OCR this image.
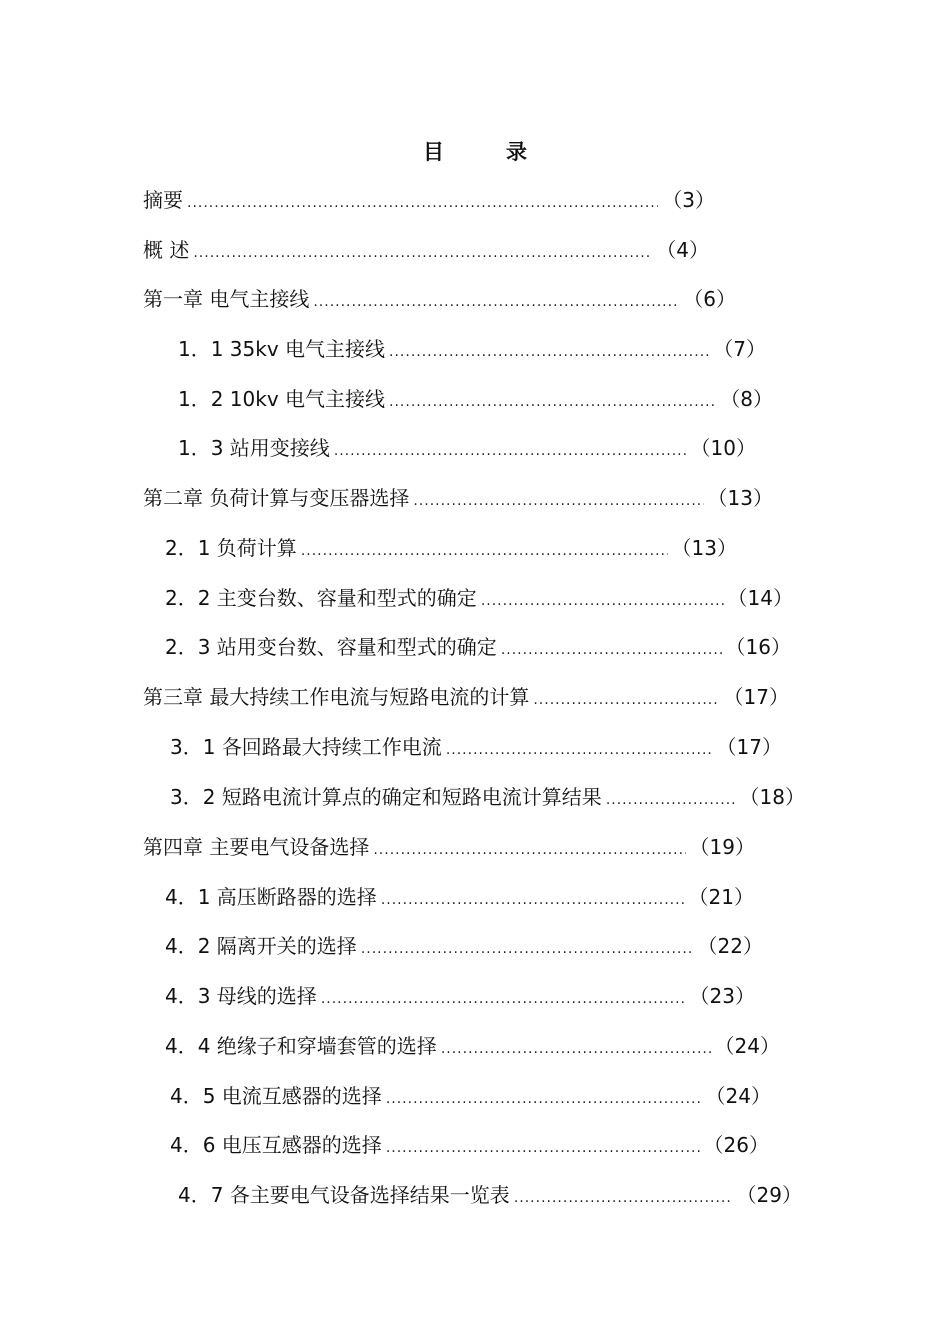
目	录
摘要 .....	（3）
概 述 .....	（4）
第一章 电气主接线 .....	（6）
1．1 35kv 电气主接线 .....	（7）
1．2 10kv 电气主接线 .....	（8）
1．3 站用变接线 .....	（10）
第二章 负荷计算与变压器选择 .....	（13）
2．1 负荷计算 .....	（13）
2．2 主变台数、容量和型式的确定 .....	（14）
2．3 站用变台数、容量和型式的确定 .....	（16）
第三章 最大持续工作电流与短路电流的计算 .....	（17）
3．1 各回路最大持续工作电流 .....	（17）
3．2 短路电流计算点的确定和短路电流计算结果 .....	（18）
第四章 主要电气设备选择 .....	（19）
4．1 高压断路器的选择 .....	（21）
4．2 隔离开关的选择 .....	（22）
4．3 母线的选择 .....	（23）
4．4 绝缘子和穿墙套管的选择 .....	（24）
4．5 电流互感器的选择 .....	（24）
4．6 电压互感器的选择 .....	（26）
4．7 各主要电气设备选择结果一览表 .....	（29）
